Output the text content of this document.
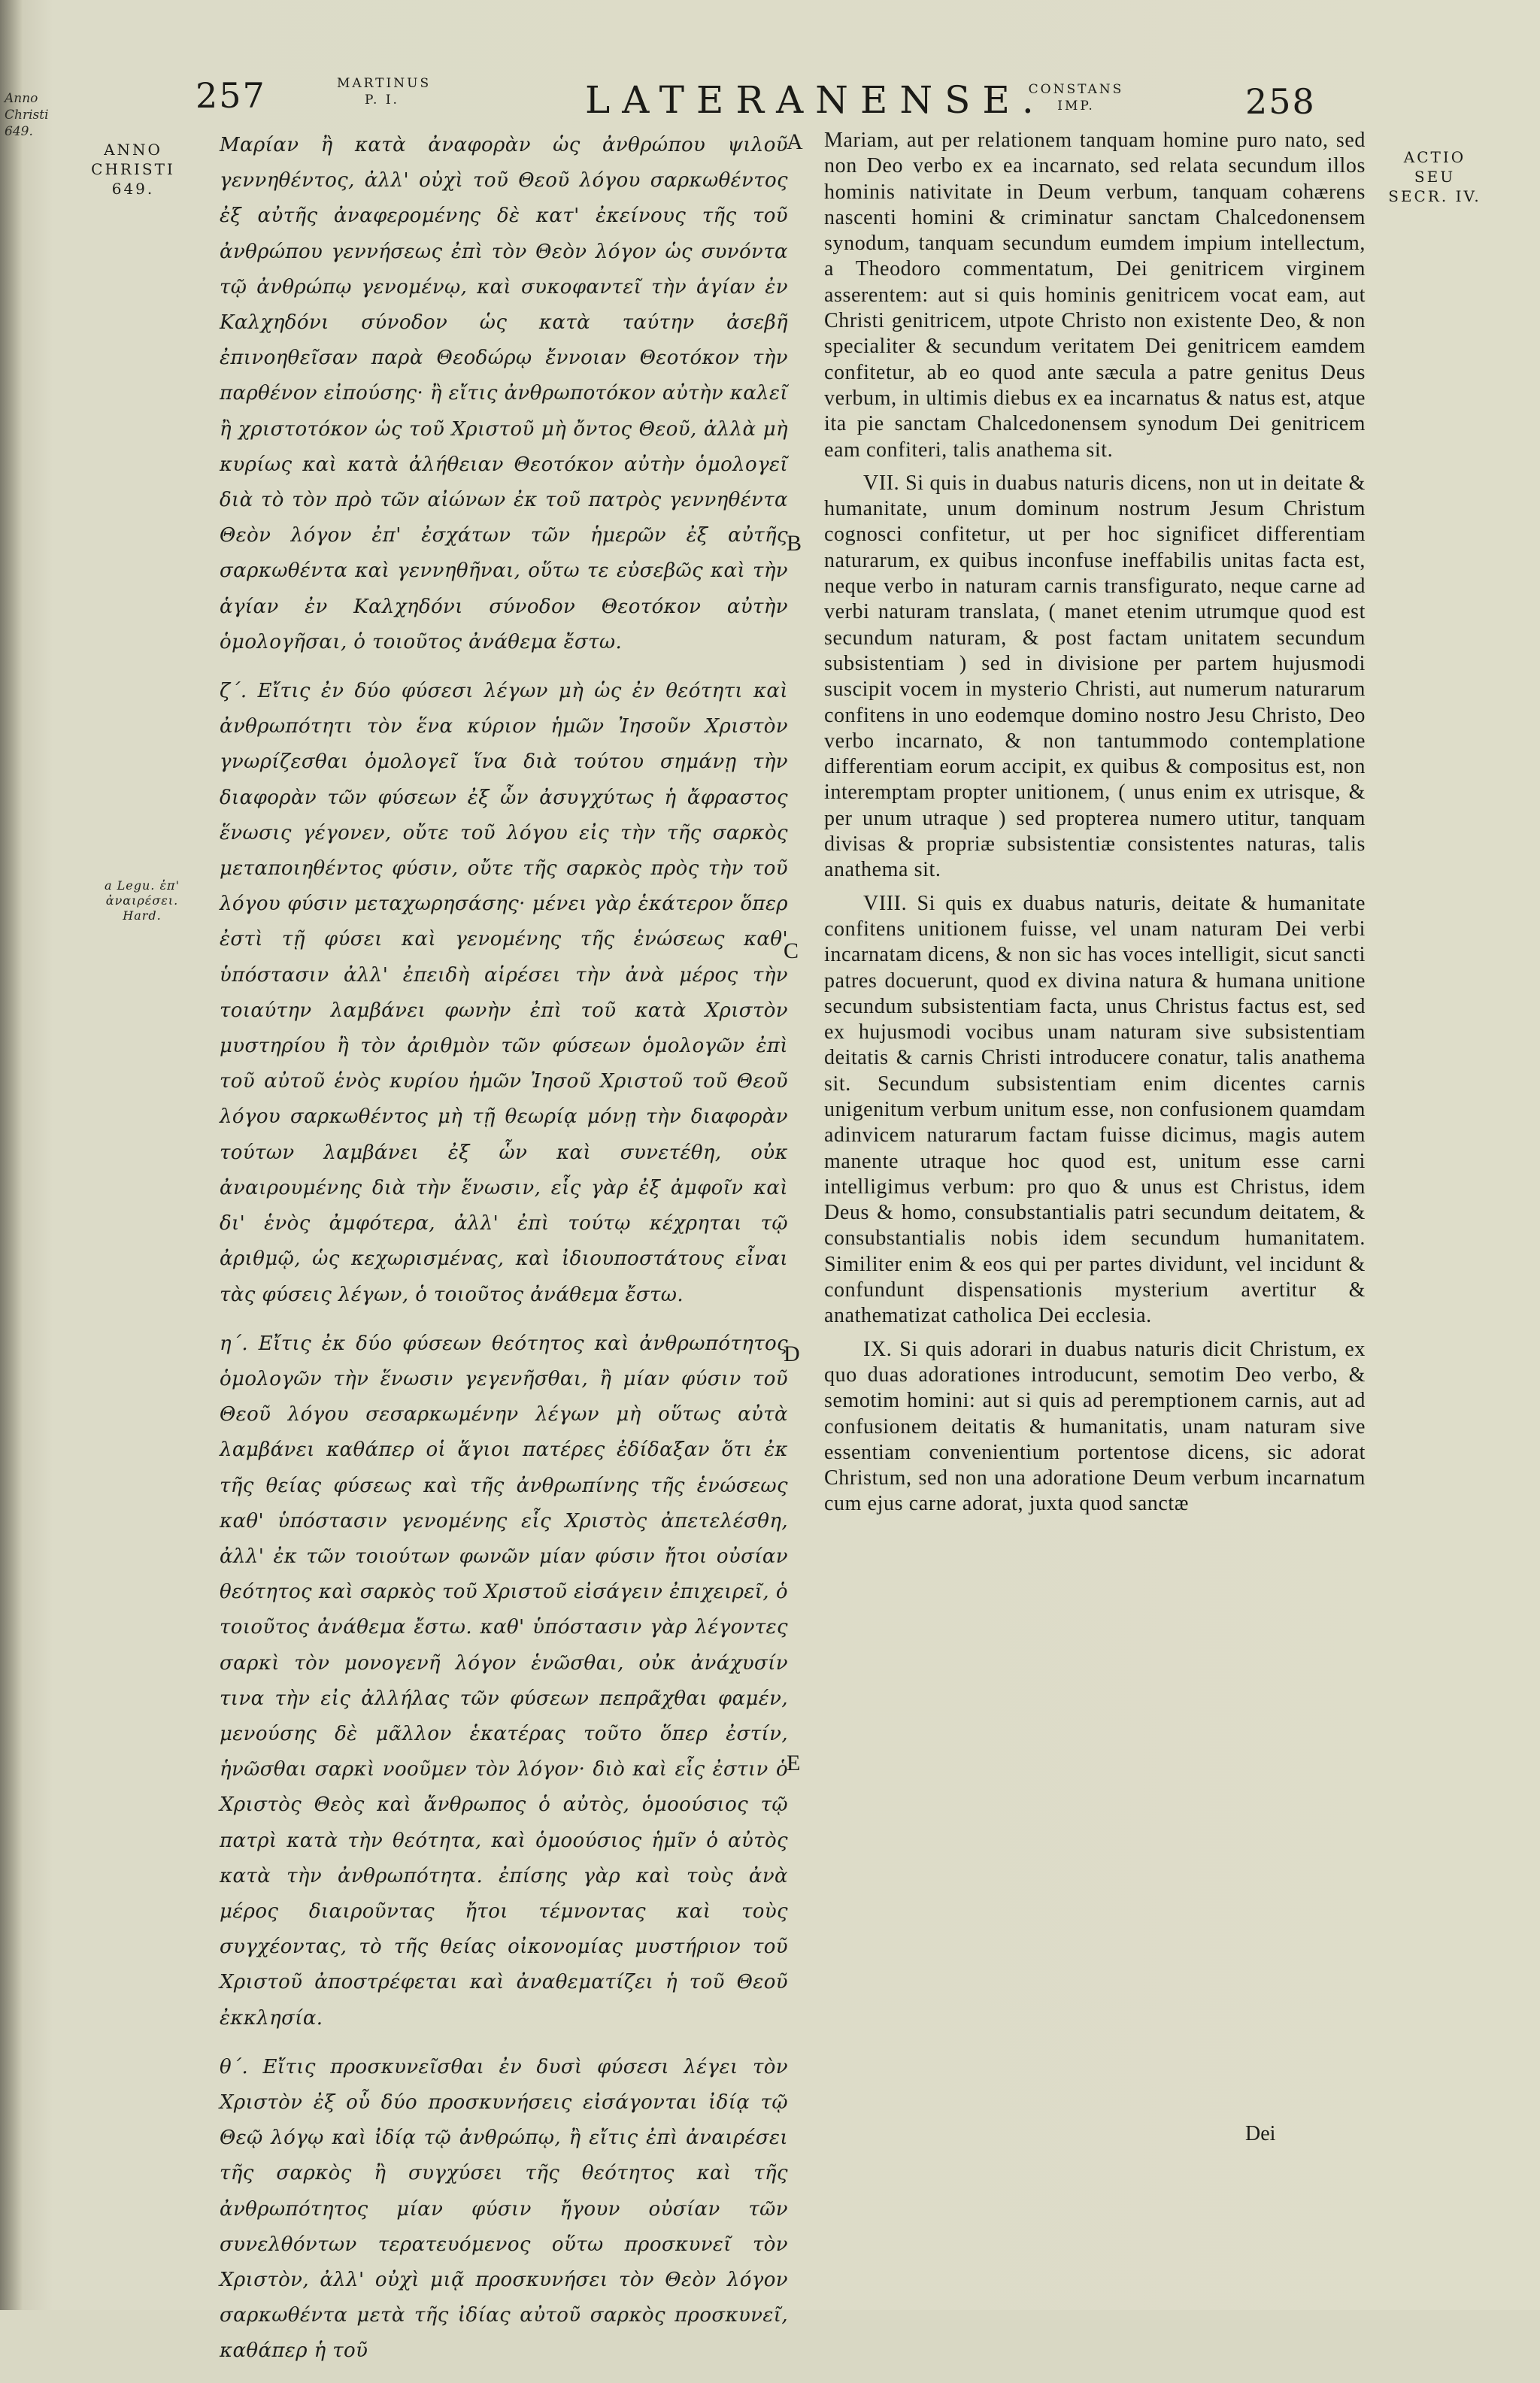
Anno Christi 649.
257	MARTINUS P. I.	LATERANENSE.
CONSTANS IMP.	258
ANNO CHRISTI 649.
ACTIO SEU SECR. IV.
a Legu. ἐπ' ἀναιρέσει. Hard.
A
B
C
D
E

Μαρίαν ἢ κατὰ ἀναφορὰν ὡς ἀνθρώπου ψιλοῦ γεννηθέντος, ἀλλ' οὐχὶ τοῦ Θεοῦ λόγου σαρκωθέντος ἐξ αὐτῆς ἀναφερομένης δὲ κατ' ἐκείνους τῆς τοῦ ἀνθρώπου γεννήσεως ἐπὶ τὸν Θεὸν λόγον ὡς συνόντα τῷ ἀνθρώπῳ γενομένῳ, καὶ συκοφαντεῖ τὴν ἁγίαν ἐν Καλχηδόνι σύνοδον ὡς κατὰ ταύτην ἀσεβῆ ἐπινοηθεῖσαν παρὰ Θεοδώρῳ ἔννοιαν Θεοτόκον τὴν παρθένον εἰπούσης· ἢ εἴτις ἀνθρωποτόκον αὐτὴν καλεῖ ἢ χριστοτόκον ὡς τοῦ Χριστοῦ μὴ ὄντος Θεοῦ, ἀλλὰ μὴ κυρίως καὶ κατὰ ἀλήθειαν Θεοτόκον αὐτὴν ὁμολογεῖ διὰ τὸ τὸν πρὸ τῶν αἰώνων ἐκ τοῦ πατρὸς γεννηθέντα Θεὸν λόγον ἐπ' ἐσχάτων τῶν ἡμερῶν ἐξ αὐτῆς σαρκωθέντα καὶ γεννηθῆναι, οὕτω τε εὐσεβῶς καὶ τὴν ἁγίαν ἐν Καλχηδόνι σύνοδον Θεοτόκον αὐτὴν ὁμολογῆσαι, ὁ τοιοῦτος ἀνάθεμα ἔστω.

ζ΄. Εἴτις ἐν δύο φύσεσι λέγων μὴ ὡς ἐν θεότητι καὶ ἀνθρωπότητι τὸν ἕνα κύριον ἡμῶν Ἰησοῦν Χριστὸν γνωρίζεσθαι ὁμολογεῖ ἵνα διὰ τούτου σημάνῃ τὴν διαφορὰν τῶν φύσεων ἐξ ὧν ἀσυγχύτως ἡ ἄφραστος ἕνωσις γέγονεν, οὔτε τοῦ λόγου εἰς τὴν τῆς σαρκὸς μεταποιηθέντος φύσιν, οὔτε τῆς σαρκὸς πρὸς τὴν τοῦ λόγου φύσιν μεταχωρησάσης· μένει γὰρ ἑκάτερον ὅπερ ἐστὶ τῇ φύσει καὶ γενομένης τῆς ἑνώσεως καθ' ὑπόστασιν ἀλλ' ἐπειδὴ αἱρέσει τὴν ἀνὰ μέρος τὴν τοιαύτην λαμβάνει φωνὴν ἐπὶ τοῦ κατὰ Χριστὸν μυστηρίου ἢ τὸν ἀριθμὸν τῶν φύσεων ὁμολογῶν ἐπὶ τοῦ αὐτοῦ ἑνὸς κυρίου ἡμῶν Ἰησοῦ Χριστοῦ τοῦ Θεοῦ λόγου σαρκωθέντος μὴ τῇ θεωρίᾳ μόνῃ τὴν διαφορὰν τούτων λαμβάνει ἐξ ὧν καὶ συνετέθη, οὐκ ἀναιρουμένης διὰ τὴν ἕνωσιν, εἷς γὰρ ἐξ ἀμφοῖν καὶ δι' ἑνὸς ἀμφότερα, ἀλλ' ἐπὶ τούτῳ κέχρηται τῷ ἀριθμῷ, ὡς κεχωρισμένας, καὶ ἰδιουποστάτους εἶναι τὰς φύσεις λέγων, ὁ τοιοῦτος ἀνάθεμα ἔστω.

η΄. Εἴτις ἐκ δύο φύσεων θεότητος καὶ ἀνθρωπότητος ὁμολογῶν τὴν ἕνωσιν γεγενῆσθαι, ἢ μίαν φύσιν τοῦ Θεοῦ λόγου σεσαρκωμένην λέγων μὴ οὕτως αὐτὰ λαμβάνει καθάπερ οἱ ἅγιοι πατέρες ἐδίδαξαν ὅτι ἐκ τῆς θείας φύσεως καὶ τῆς ἀνθρωπίνης τῆς ἑνώσεως καθ' ὑπόστασιν γενομένης εἷς Χριστὸς ἀπετελέσθη, ἀλλ' ἐκ τῶν τοιούτων φωνῶν μίαν φύσιν ἤτοι οὐσίαν θεότητος καὶ σαρκὸς τοῦ Χριστοῦ εἰσάγειν ἐπιχειρεῖ, ὁ τοιοῦτος ἀνάθεμα ἔστω. καθ' ὑπόστασιν γὰρ λέγοντες σαρκὶ τὸν μονογενῆ λόγον ἑνῶσθαι, οὐκ ἀνάχυσίν τινα τὴν εἰς ἀλλήλας τῶν φύσεων πεπρᾶχθαι φαμέν, μενούσης δὲ μᾶλλον ἑκατέρας τοῦτο ὅπερ ἐστίν, ἡνῶσθαι σαρκὶ νοοῦμεν τὸν λόγον· διὸ καὶ εἷς ἐστιν ὁ Χριστὸς Θεὸς καὶ ἄνθρωπος ὁ αὐτὸς, ὁμοούσιος τῷ πατρὶ κατὰ τὴν θεότητα, καὶ ὁμοούσιος ἡμῖν ὁ αὐτὸς κατὰ τὴν ἀνθρωπότητα. ἐπίσης γὰρ καὶ τοὺς ἀνὰ μέρος διαιροῦντας ἤτοι τέμνοντας καὶ τοὺς συγχέοντας, τὸ τῆς θείας οἰκονομίας μυστήριον τοῦ Χριστοῦ ἀποστρέφεται καὶ ἀναθεματίζει ἡ τοῦ Θεοῦ ἐκκλησία.

θ΄. Εἴτις προσκυνεῖσθαι ἐν δυσὶ φύσεσι λέγει τὸν Χριστὸν ἐξ οὗ δύο προσκυνήσεις εἰσάγονται ἰδίᾳ τῷ Θεῷ λόγῳ καὶ ἰδίᾳ τῷ ἀνθρώπῳ, ἢ εἴτις ἐπὶ ἀναιρέσει τῆς σαρκὸς ἢ συγχύσει τῆς θεότητος καὶ τῆς ἀνθρωπότητος μίαν φύσιν ἤγουν οὐσίαν τῶν συνελθόντων τερατευόμενος οὕτω προσκυνεῖ τὸν Χριστὸν, ἀλλ' οὐχὶ μιᾷ προσκυνήσει τὸν Θεὸν λόγον σαρκωθέντα μετὰ τῆς ἰδίας αὐτοῦ σαρκὸς προσκυνεῖ, καθάπερ ἡ τοῦ

Mariam, aut per relationem tanquam homine puro nato, sed non Deo verbo ex ea incarnato, sed relata secundum illos hominis nativitate in Deum verbum, tanquam cohærens nascenti homini & criminatur sanctam Chalcedonensem synodum, tanquam secundum eumdem impium intellectum, a Theodoro commentatum, Dei genitricem virginem asserentem: aut si quis hominis genitricem vocat eam, aut Christi genitricem, utpote Christo non existente Deo, & non specialiter & secundum veritatem Dei genitricem eamdem confitetur, ab eo quod ante sæcula a patre genitus Deus verbum, in ultimis diebus ex ea incarnatus & natus est, atque ita pie sanctam Chalcedonensem synodum Dei genitricem eam confiteri, talis anathema sit.

VII. Si quis in duabus naturis dicens, non ut in deitate & humanitate, unum dominum nostrum Jesum Christum cognosci confitetur, ut per hoc significet differentiam naturarum, ex quibus inconfuse ineffabilis unitas facta est, neque verbo in naturam carnis transfigurato, neque carne ad verbi naturam translata, ( manet etenim utrumque quod est secundum naturam, & post factam unitatem secundum subsistentiam ) sed in divisione per partem hujusmodi suscipit vocem in mysterio Christi, aut numerum naturarum confitens in uno eodemque domino nostro Jesu Christo, Deo verbo incarnato, & non tantummodo contemplatione differentiam eorum accipit, ex quibus & compositus est, non interemptam propter unitionem, ( unus enim ex utrisque, & per unum utraque ) sed propterea numero utitur, tanquam divisas & propriæ subsistentiæ consistentes naturas, talis anathema sit.

VIII. Si quis ex duabus naturis, deitate & humanitate confitens unitionem fuisse, vel unam naturam Dei verbi incarnatam dicens, & non sic has voces intelligit, sicut sancti patres docuerunt, quod ex divina natura & humana unitione secundum subsistentiam facta, unus Christus factus est, sed ex hujusmodi vocibus unam naturam sive subsistentiam deitatis & carnis Christi introducere conatur, talis anathema sit. Secundum subsistentiam enim dicentes carnis unigenitum verbum unitum esse, non confusionem quamdam adinvicem naturarum factam fuisse dicimus, magis autem manente utraque hoc quod est, unitum esse carni intelligimus verbum: pro quo & unus est Christus, idem Deus & homo, consubstantialis patri secundum deitatem, & consubstantialis nobis idem secundum humanitatem. Similiter enim & eos qui per partes dividunt, vel incidunt & confundunt dispensationis mysterium avertitur & anathematizat catholica Dei ecclesia.

IX. Si quis adorari in duabus naturis dicit Christum, ex quo duas adorationes introducunt, semotim Deo verbo, & semotim homini: aut si quis ad peremptionem carnis, aut ad confusionem deitatis & humanitatis, unam naturam sive essentiam convenientium portentose dicens, sic adorat Christum, sed non una adoratione Deum verbum incarnatum cum ejus carne adorat, juxta quod sanctæ

Dei
